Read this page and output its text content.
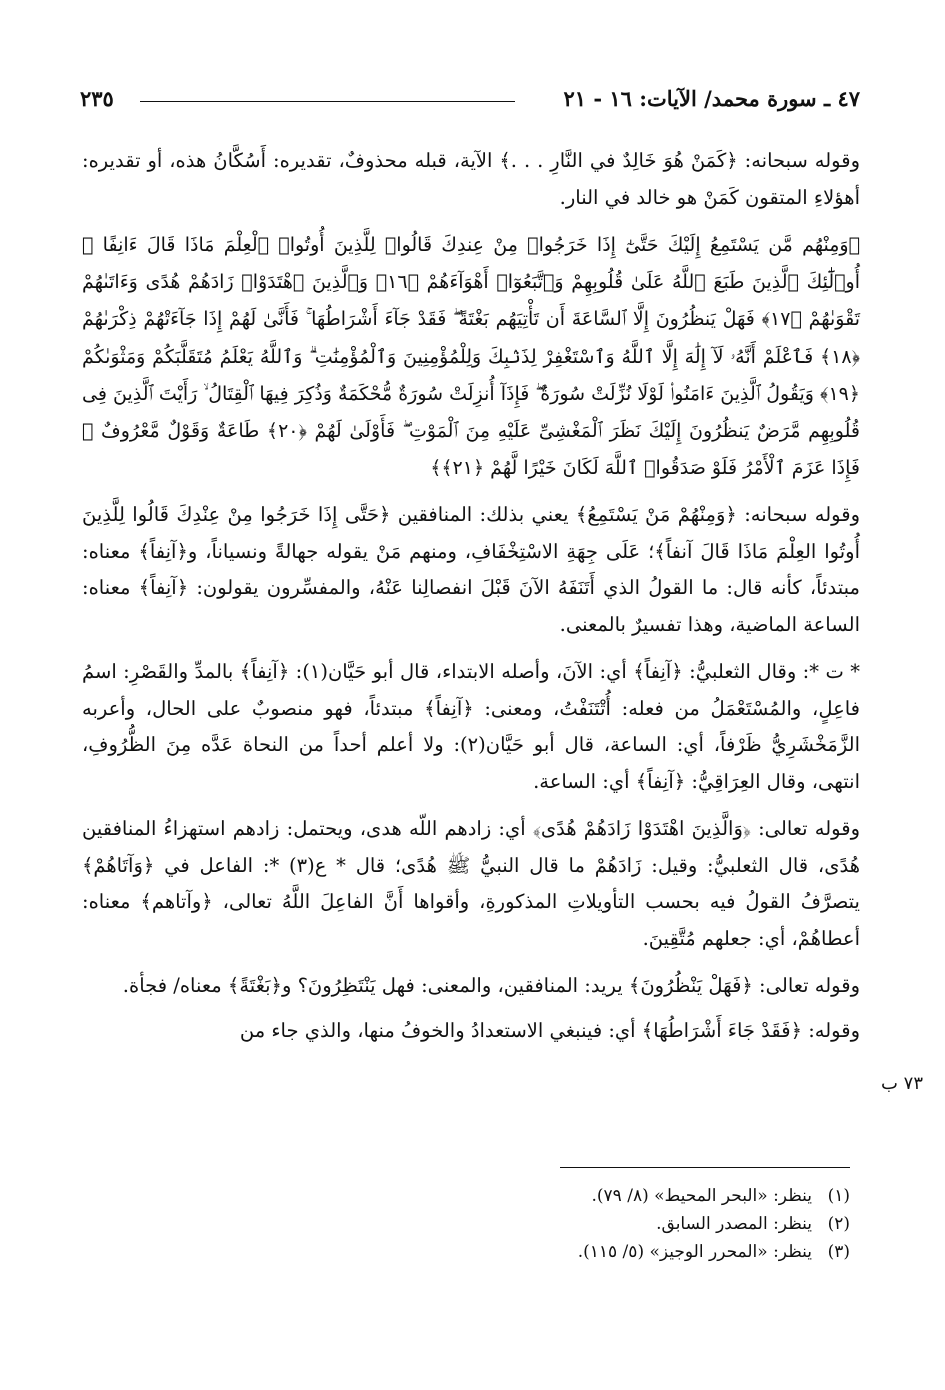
٤٧ ـ سورة محمد/ الآيات: ١٦ - ٢١
٢٣٥

وقوله سبحانه: ﴿كَمَنْ هُوَ خَالِدٌ في النَّارِ . . .﴾ الآية، قبله محذوفٌ، تقديره: أَسُكَّانُ هذه، أو تقديره: أهؤلاءِ المتقون كَمَنْ هو خالد في النار.

﴿وَمِنْهُم مَّن يَسْتَمِعُ إِلَيْكَ حَتَّىٰٓ إِذَا خَرَجُوا۟ مِنْ عِندِكَ قَالُوا۟ لِلَّذِينَ أُوتُوا۟ ٱلْعِلْمَ مَاذَا قَالَ ءَانِفًا ۚ أُو۟لَٰٓئِكَ ٱلَّذِينَ طَبَعَ ٱللَّهُ عَلَىٰ قُلُوبِهِمْ وَٱتَّبَعُوٓا۟ أَهْوَآءَهُمْ ﴿١٦﴾ وَٱلَّذِينَ ٱهْتَدَوْا۟ زَادَهُمْ هُدًى وَءَاتَىٰهُمْ تَقْوَىٰهُمْ ﴿١٧﴾ فَهَلْ يَنظُرُونَ إِلَّا ٱلسَّاعَةَ أَن تَأْتِيَهُم بَغْتَةً ۖ فَقَدْ جَآءَ أَشْرَاطُهَا ۚ فَأَنَّىٰ لَهُمْ إِذَا جَآءَتْهُمْ ذِكْرَىٰهُمْ ﴿١٨﴾ فَٱعْلَمْ أَنَّهُۥ لَآ إِلَٰهَ إِلَّا ٱللَّهُ وَٱسْتَغْفِرْ لِذَنۢبِكَ وَلِلْمُؤْمِنِينَ وَٱلْمُؤْمِنَٰتِ ۗ وَٱللَّهُ يَعْلَمُ مُتَقَلَّبَكُمْ وَمَثْوَىٰكُمْ ﴿١٩﴾ وَيَقُولُ ٱلَّذِينَ ءَامَنُوا۟ لَوْلَا نُزِّلَتْ سُورَةٌ ۖ فَإِذَآ أُنزِلَتْ سُورَةٌ مُّحْكَمَةٌ وَذُكِرَ فِيهَا ٱلْقِتَالُ ۙ رَأَيْتَ ٱلَّذِينَ فِى قُلُوبِهِم مَّرَضٌ يَنظُرُونَ إِلَيْكَ نَظَرَ ٱلْمَغْشِىِّ عَلَيْهِ مِنَ ٱلْمَوْتِ ۖ فَأَوْلَىٰ لَهُمْ ﴿٢٠﴾ طَاعَةٌ وَقَوْلٌ مَّعْرُوفٌ ۚ فَإِذَا عَزَمَ ٱلْأَمْرُ فَلَوْ صَدَقُوا۟ ٱللَّهَ لَكَانَ خَيْرًا لَّهُمْ ﴿٢١﴾﴾

وقوله سبحانه: ﴿وَمِنْهُمْ مَنْ يَسْتَمِعُ﴾ يعني بذلك: المنافقين ﴿حَتَّى إِذَا خَرَجُوا مِنْ عِنْدِكَ قَالُوا لِلَّذِينَ أُوتُوا العِلْمَ مَاذَا قَالَ آنفاً﴾؛ عَلَى جِهَةِ الاسْتِخْفَافِ، ومنهم مَنْ يقوله جهالةً ونسياناً، و﴿آنِفاً﴾ معناه: مبتدئاً، كأنه قال: ما القولُ الذي أَتَنَفَهُ الآنَ قَبْلَ انفصالِنا عَنْهُ، والمفسِّرون يقولون: ﴿آنِفاً﴾ معناه: الساعة الماضية، وهذا تفسيرٌ بالمعنى.

* ت *: وقال الثعلبيُّ: ﴿آنِفاً﴾ أي: الآنَ، وأصله الابتداء، قال أبو حَيَّان(١): ﴿آنِفاً﴾ بالمدِّ والقَصْرِ: اسمُ فاعِلٍ، والمُسْتَعْمَلُ من فعله: أُتْتَنَفْتُ، ومعنى: ﴿آنِفاً﴾ مبتدئاً، فهو منصوبٌ على الحال، وأعربه الزَّمَخْشَرِيُّ ظَرْفاً، أي: الساعة، قال أبو حَيَّان(٢): ولا أعلم أحداً من النحاة عَدَّه مِنَ الظُّرُوفِ، انتهى، وقال العِرَاقِيُّ: ﴿آنِفاً﴾ أي: الساعة.

وقوله تعالى: ﴿وَالَّذِينَ اهْتَدَوْا زَادَهُمْ هُدًى﴾ أي: زادهم اللّه هدى، ويحتمل: زادهم استهزاءُ المنافقين هُدًى، قال الثعلبيُّ: وقيل: زَادَهُمْ ما قال النبيُّ ﷺ هُدًى؛ قال * ع(٣) *: الفاعل في ﴿وَآتَاهُمْ﴾ يتصرَّفُ القولُ فيه بحسب التأويلاتِ المذكورةِ، وأقواها أَنَّ الفاعِلَ اللَّهُ تعالى، ﴿وآتاهم﴾ معناه: أعطاهُمْ، أي: جعلهم مُتَّقِينَ.

وقوله تعالى: ﴿فَهَلْ يَنْظُرُونَ﴾ يريد: المنافقين، والمعنى: فهل يَنْتَظِرُونَ؟ و﴿بَغْتَةً﴾ معناه/ فجأة.

وقوله: ﴿فَقَدْ جَاءَ أَشْرَاطُهَا﴾ أي: فينبغي الاستعدادُ والخوفُ منها، والذي جاء من

٧٣ ب
(١)ينظر: «البحر المحيط» (٨/ ٧٩).
(٢)ينظر: المصدر السابق.
(٣)ينظر: «المحرر الوجيز» (٥/ ١١٥).
